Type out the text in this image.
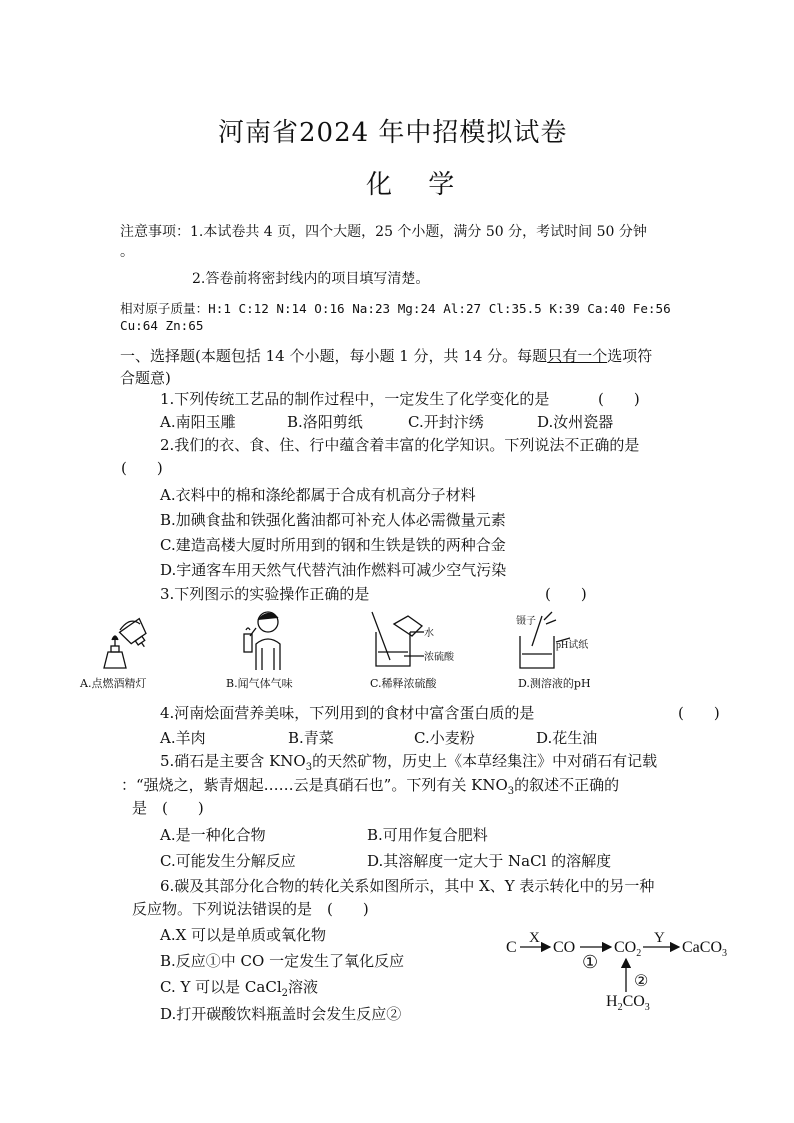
河南省2024 年中招模拟试卷
化 学
注意事项：1.本试卷共 4 页，四个大题，25 个小题，满分 50 分，考试时间 50 分钟
。
2.答卷前将密封线内的项目填写清楚。
相对原子质量：H:1 C:12 N:14 O:16 Na:23 Mg:24 Al:27 Cl:35.5 K:39 Ca:40 Fe:56
Cu:64 Zn:65
一、选择题(本题包括 14 个小题，每小题 1 分，共 14 分。每题只有一个选项符
合题意)
1.下列传统工艺品的制作过程中，一定发生了化学变化的是	(　　)
A.南阳玉雕	B.洛阳剪纸	C.开封汴绣	D.汝州瓷器
2.我们的衣、食、住、行中蕴含着丰富的化学知识。下列说法不正确的是
(　　)
A.衣料中的棉和涤纶都属于合成有机高分子材料
B.加碘食盐和铁强化酱油都可补充人体必需微量元素
C.建造高楼大厦时所用到的钢和生铁是铁的两种合金
D.宇通客车用天然气代替汽油作燃料可减少空气污染
3.下列图示的实验操作正确的是	(　　)
A.点燃酒精灯	B.闻气体气味
水
浓硫酸
C.稀释浓硫酸
镊子
pH试纸
D.测溶液的pH
4.河南烩面营养美味，下列用到的食材中富含蛋白质的是	(　　)
A.羊肉	B.青菜	C.小麦粉	D.花生油
5.硝石是主要含 $KNO_3$的天然矿物，历史上《本草经集注》中对硝石有记载
：“强烧之，紫青烟起……云是真硝石也”。下列有关 $KNO_3$的叙述不正确的
是　(　　)
A.是一种化合物	B.可用作复合肥料
C.可能发生分解反应	D.其溶解度一定大于 NaCl 的溶解度
6.碳及其部分化合物的转化关系如图所示，其中 X、Y 表示转化中的另一种
反应物。下列说法错误的是　(　　)
A.X 可以是单质或氧化物
B.反应①中 CO 一定发生了氧化反应
C. Y 可以是 CaCl$_2$溶液
D.打开碳酸饮料瓶盖时会发生反应②
C
X
CO $CO_2$
Y
CaCO$_3$
①
②
$H_2CO_3$
